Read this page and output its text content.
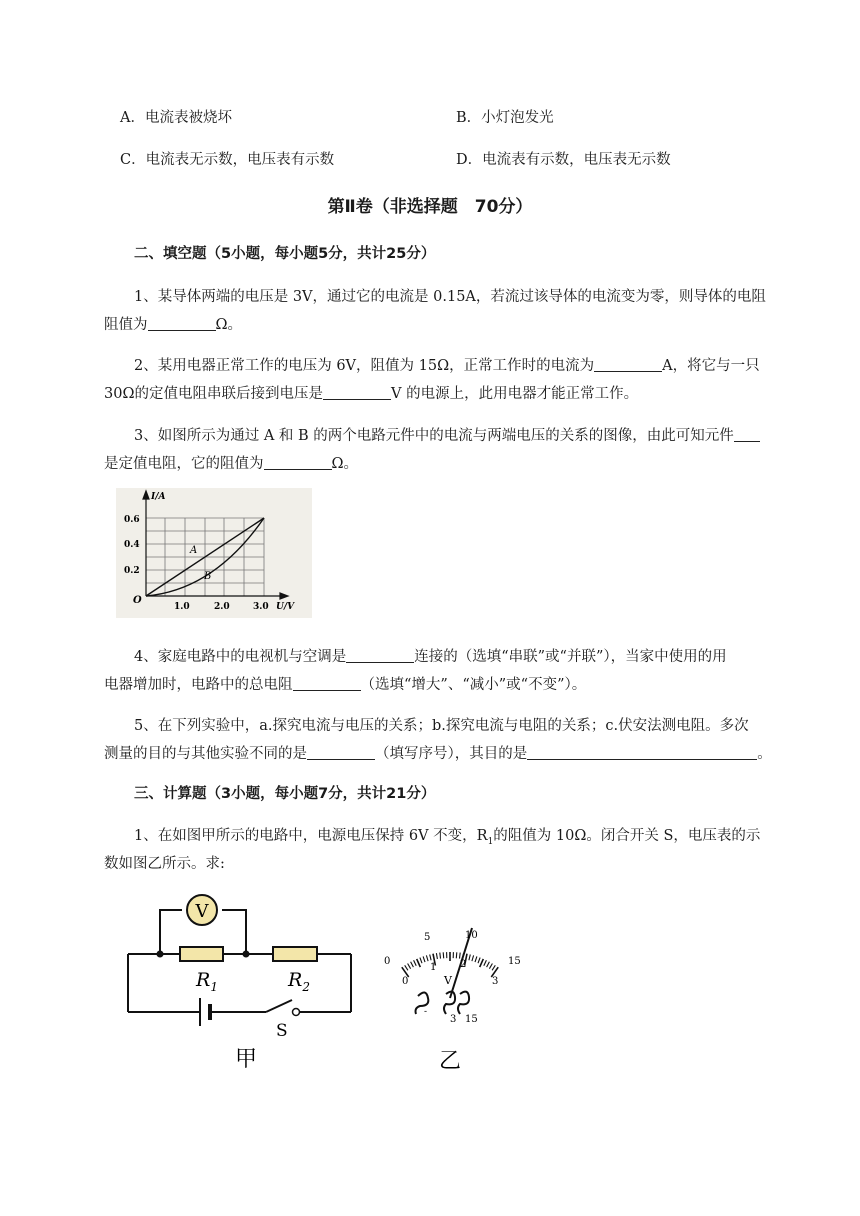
A．电流表被烧坏	B．小灯泡发光
C．电流表无示数，电压表有示数	D．电流表有示数，电压表无示数
第Ⅱ卷（非选择题　70分）
二、填空题（5小题，每小题5分，共计25分）
1、某导体两端的电压是 3V，通过它的电流是 0.15A，若流过该导体的电流变为零，则导体的电阻
阻值为	Ω。
2、某用电器正常工作的电压为 6V，阻值为 15Ω，正常工作时的电流为	A，将它与一只
30Ω的定值电阻串联后接到电压是	V 的电源上，此用电器才能正常工作。
3、如图所示为通过 A 和 B 的两个电路元件中的电流与两端电压的关系的图像，由此可知元件
是定值电阻，它的阻值为	Ω。
A
B
I/A
U/V
O
0.6
0.4
0.2
1.0	2.0	3.0
4、家庭电路中的电视机与空调是	连接的（选填“串联”或“并联”），当家中使用的用
电器增加时，电路中的总电阻	（选填“增大”、“减小”或“不变”）。
5、在下列实验中，a.探究电流与电压的关系；b.探究电流与电阻的关系；c.伏安法测电阻。多次
测量的目的与其他实验不同的是	（填写序号），其目的是	。
三、计算题（3小题，每小题7分，共计21分）
1、在如图甲所示的电路中，电源电压保持 6V 不变，$R_1$的阻值为 10Ω。闭合开关 S，电压表的示
数如图乙所示。求:
V
$R_1$	$R_2$
S
甲
0
5	10
15
0
1 2
3
V
-
3 15
乙
